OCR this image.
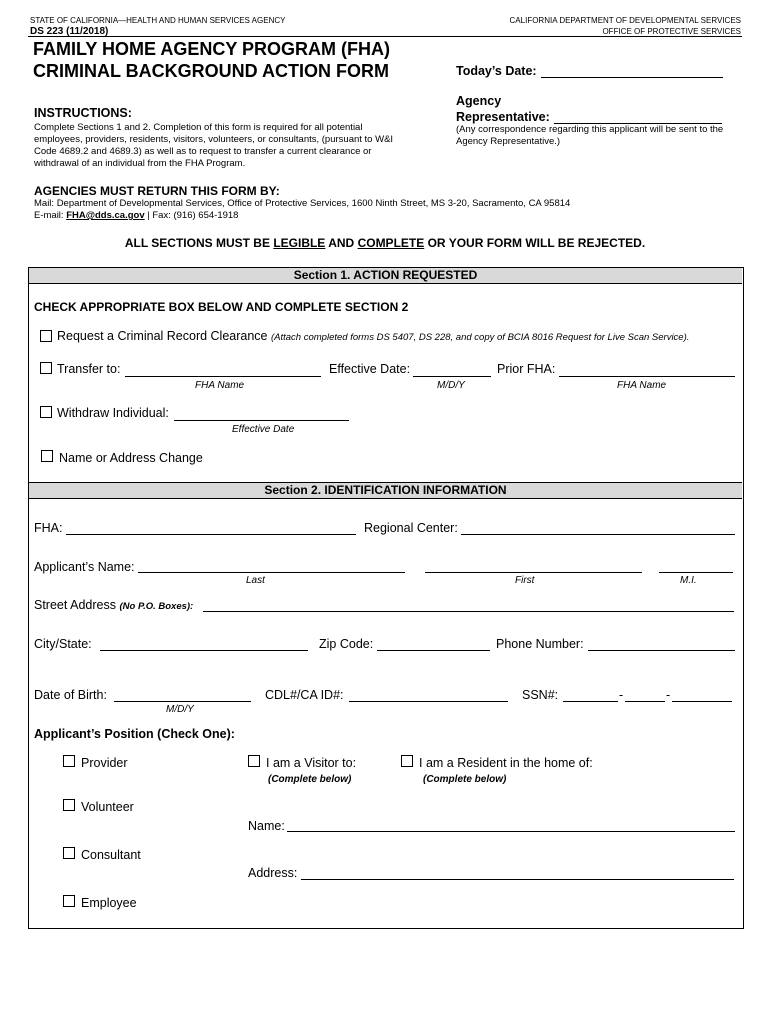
STATE OF CALIFORNIA—HEALTH AND HUMAN SERVICES AGENCY
DS 223 (11/2018)
CALIFORNIA DEPARTMENT OF DEVELOPMENTAL SERVICES
OFFICE OF PROTECTIVE SERVICES
FAMILY HOME AGENCY PROGRAM (FHA)
CRIMINAL BACKGROUND ACTION FORM	Today’s Date:
Agency
Representative:
(Any correspondence regarding this applicant will be sent to the Agency Representative.)
INSTRUCTIONS:
Complete Sections 1 and 2. Completion of this form is required for all potential employees, providers, residents, visitors, volunteers, or consultants, (pursuant to W&I Code 4689.2 and 4689.3) as well as to request to transfer a current clearance or withdrawal of an individual from the FHA Program.
AGENCIES MUST RETURN THIS FORM BY:
Mail: Department of Developmental Services, Office of Protective Services, 1600 Ninth Street, MS 3-20, Sacramento, CA 95814
E-mail: FHA@dds.ca.gov | Fax: (916) 654-1918
ALL SECTIONS MUST BE LEGIBLE AND COMPLETE OR YOUR FORM WILL BE REJECTED.
Section 1. ACTION REQUESTED
CHECK APPROPRIATE BOX BELOW AND COMPLETE SECTION 2
Request a Criminal Record Clearance (Attach completed forms DS 5407, DS 228, and copy of BCIA 8016 Request for Live Scan Service).
Transfer to:	Effective Date:	Prior FHA:
FHA Name	M/D/Y	FHA Name
Withdraw Individual:
Effective Date
Name or Address Change
Section 2. IDENTIFICATION INFORMATION
FHA:	Regional Center:
Applicant’s Name:
Last	First	M.I.
Street Address (No P.O. Boxes):
City/State:	Zip Code:	Phone Number:
Date of Birth:
M/D/Y
CDL#/CA ID#:	SSN#:	-	-
Applicant’s Position (Check One):
Provider	I am a Visitor to:
(Complete below)
I am a Resident in the home of:
(Complete below)
Volunteer
Name:
Consultant
Address:
Employee
